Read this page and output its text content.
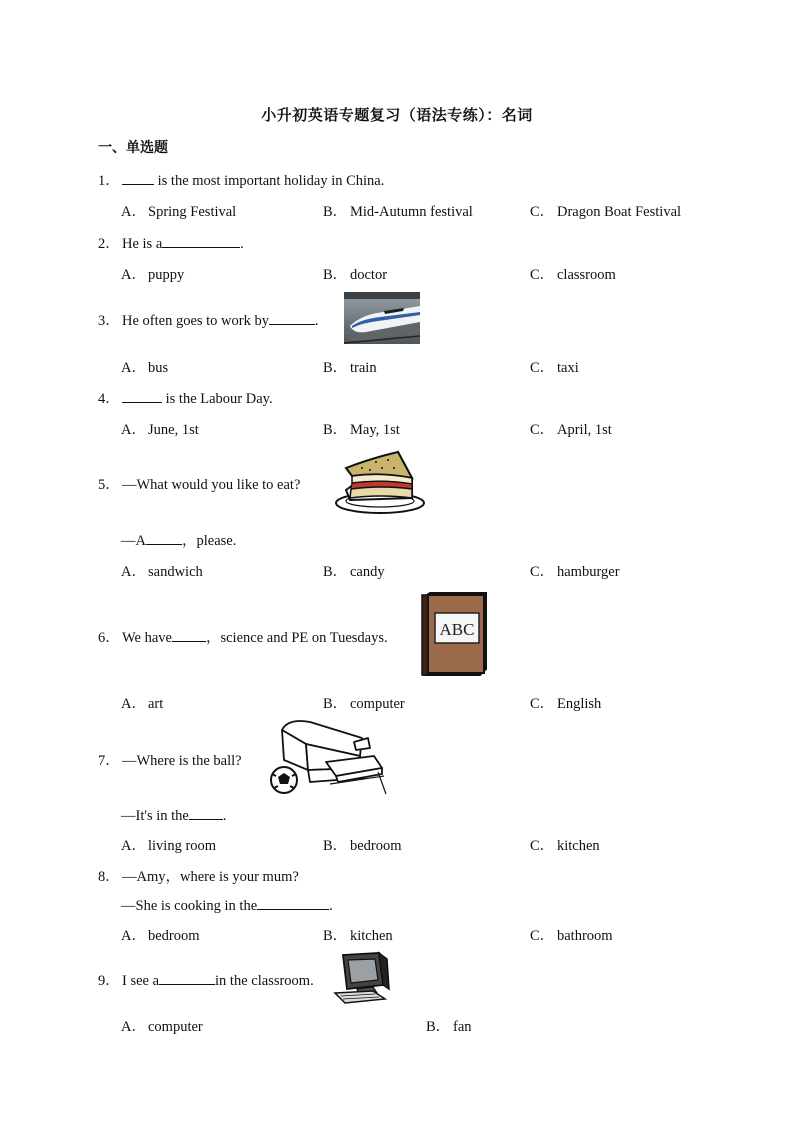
小升初英语专题复习（语法专练）：名词
一、单选题
1． is the most important holiday in China.
A． Spring Festival	B． Mid-Autumn festival	C． Dragon Boat Festival
2． He is a	.
A． puppy	B． doctor	C． classroom
3． He often goes to work by	.
A． bus	B． train	C． taxi
4．	is the Labour Day.
A． June, 1st	B． May, 1st	C． April, 1st
5． —What would you like to eat?
—A ，please.
A． sandwich	B． candy	C． hamburger
6． We have ，science and PE on Tuesdays.	ABC
A． art	B． computer	C． English
7． —Where is the ball?
—It's in the .
A． living room	B． bedroom	C． kitchen
8． —Amy，where is your mum?
—She is cooking in the	.
A． bedroom	B． kitchen	C． bathroom
9． I see a	in the classroom.
A． computer	B． fan
